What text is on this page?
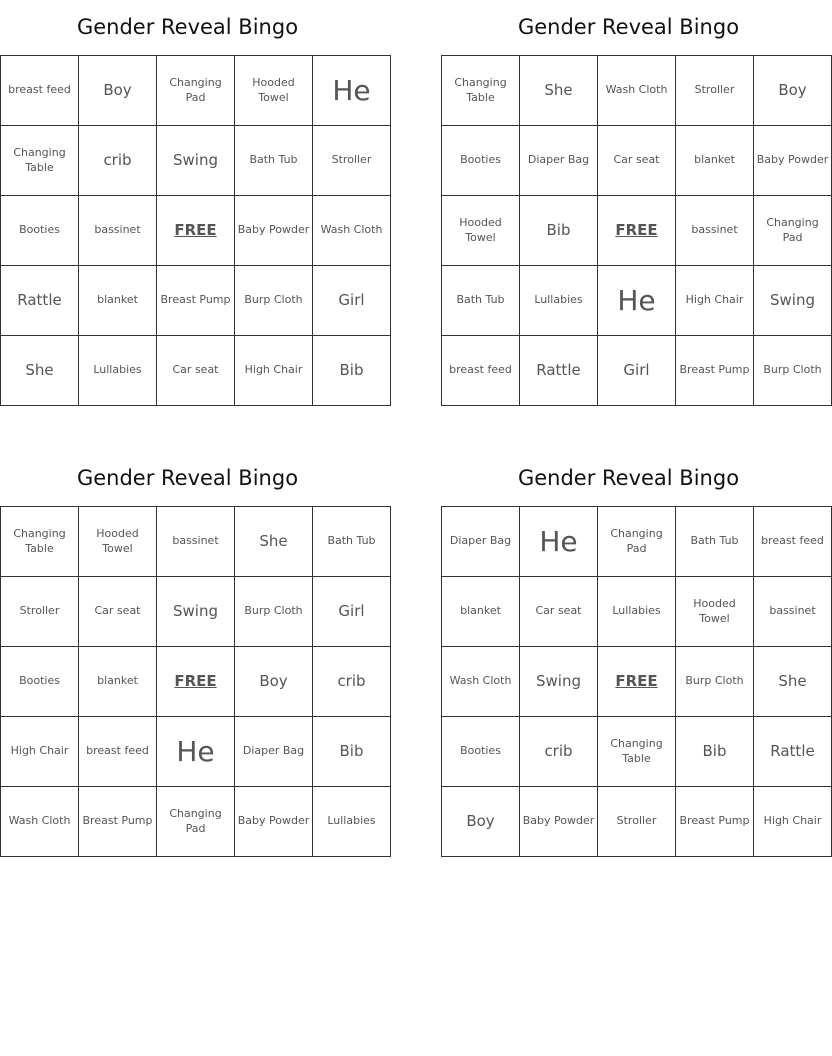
Gender Reveal Bingo
breast feed	Boy	Changing Pad	Hooded Towel	He
Changing Table	crib	Swing	Bath Tub	Stroller
Booties	bassinet	FREE	Baby Powder	Wash Cloth
Rattle	blanket	Breast Pump	Burp Cloth	Girl
She	Lullabies	Car seat	High Chair	Bib
Gender Reveal Bingo
Changing Table	She	Wash Cloth	Stroller	Boy
Booties	Diaper Bag	Car seat	blanket	Baby Powder
Hooded Towel	Bib	FREE	bassinet	Changing Pad
Bath Tub	Lullabies	He	High Chair	Swing
breast feed	Rattle	Girl	Breast Pump	Burp Cloth
Gender Reveal Bingo
Changing Table	Hooded Towel	bassinet	She	Bath Tub
Stroller	Car seat	Swing	Burp Cloth	Girl
Booties	blanket	FREE	Boy	crib
High Chair	breast feed	He	Diaper Bag	Bib
Wash Cloth	Breast Pump	Changing Pad	Baby Powder	Lullabies
Gender Reveal Bingo
Diaper Bag	He	Changing Pad	Bath Tub	breast feed
blanket	Car seat	Lullabies	Hooded Towel	bassinet
Wash Cloth	Swing	FREE	Burp Cloth	She
Booties	crib	Changing Table	Bib	Rattle
Boy	Baby Powder	Stroller	Breast Pump	High Chair
